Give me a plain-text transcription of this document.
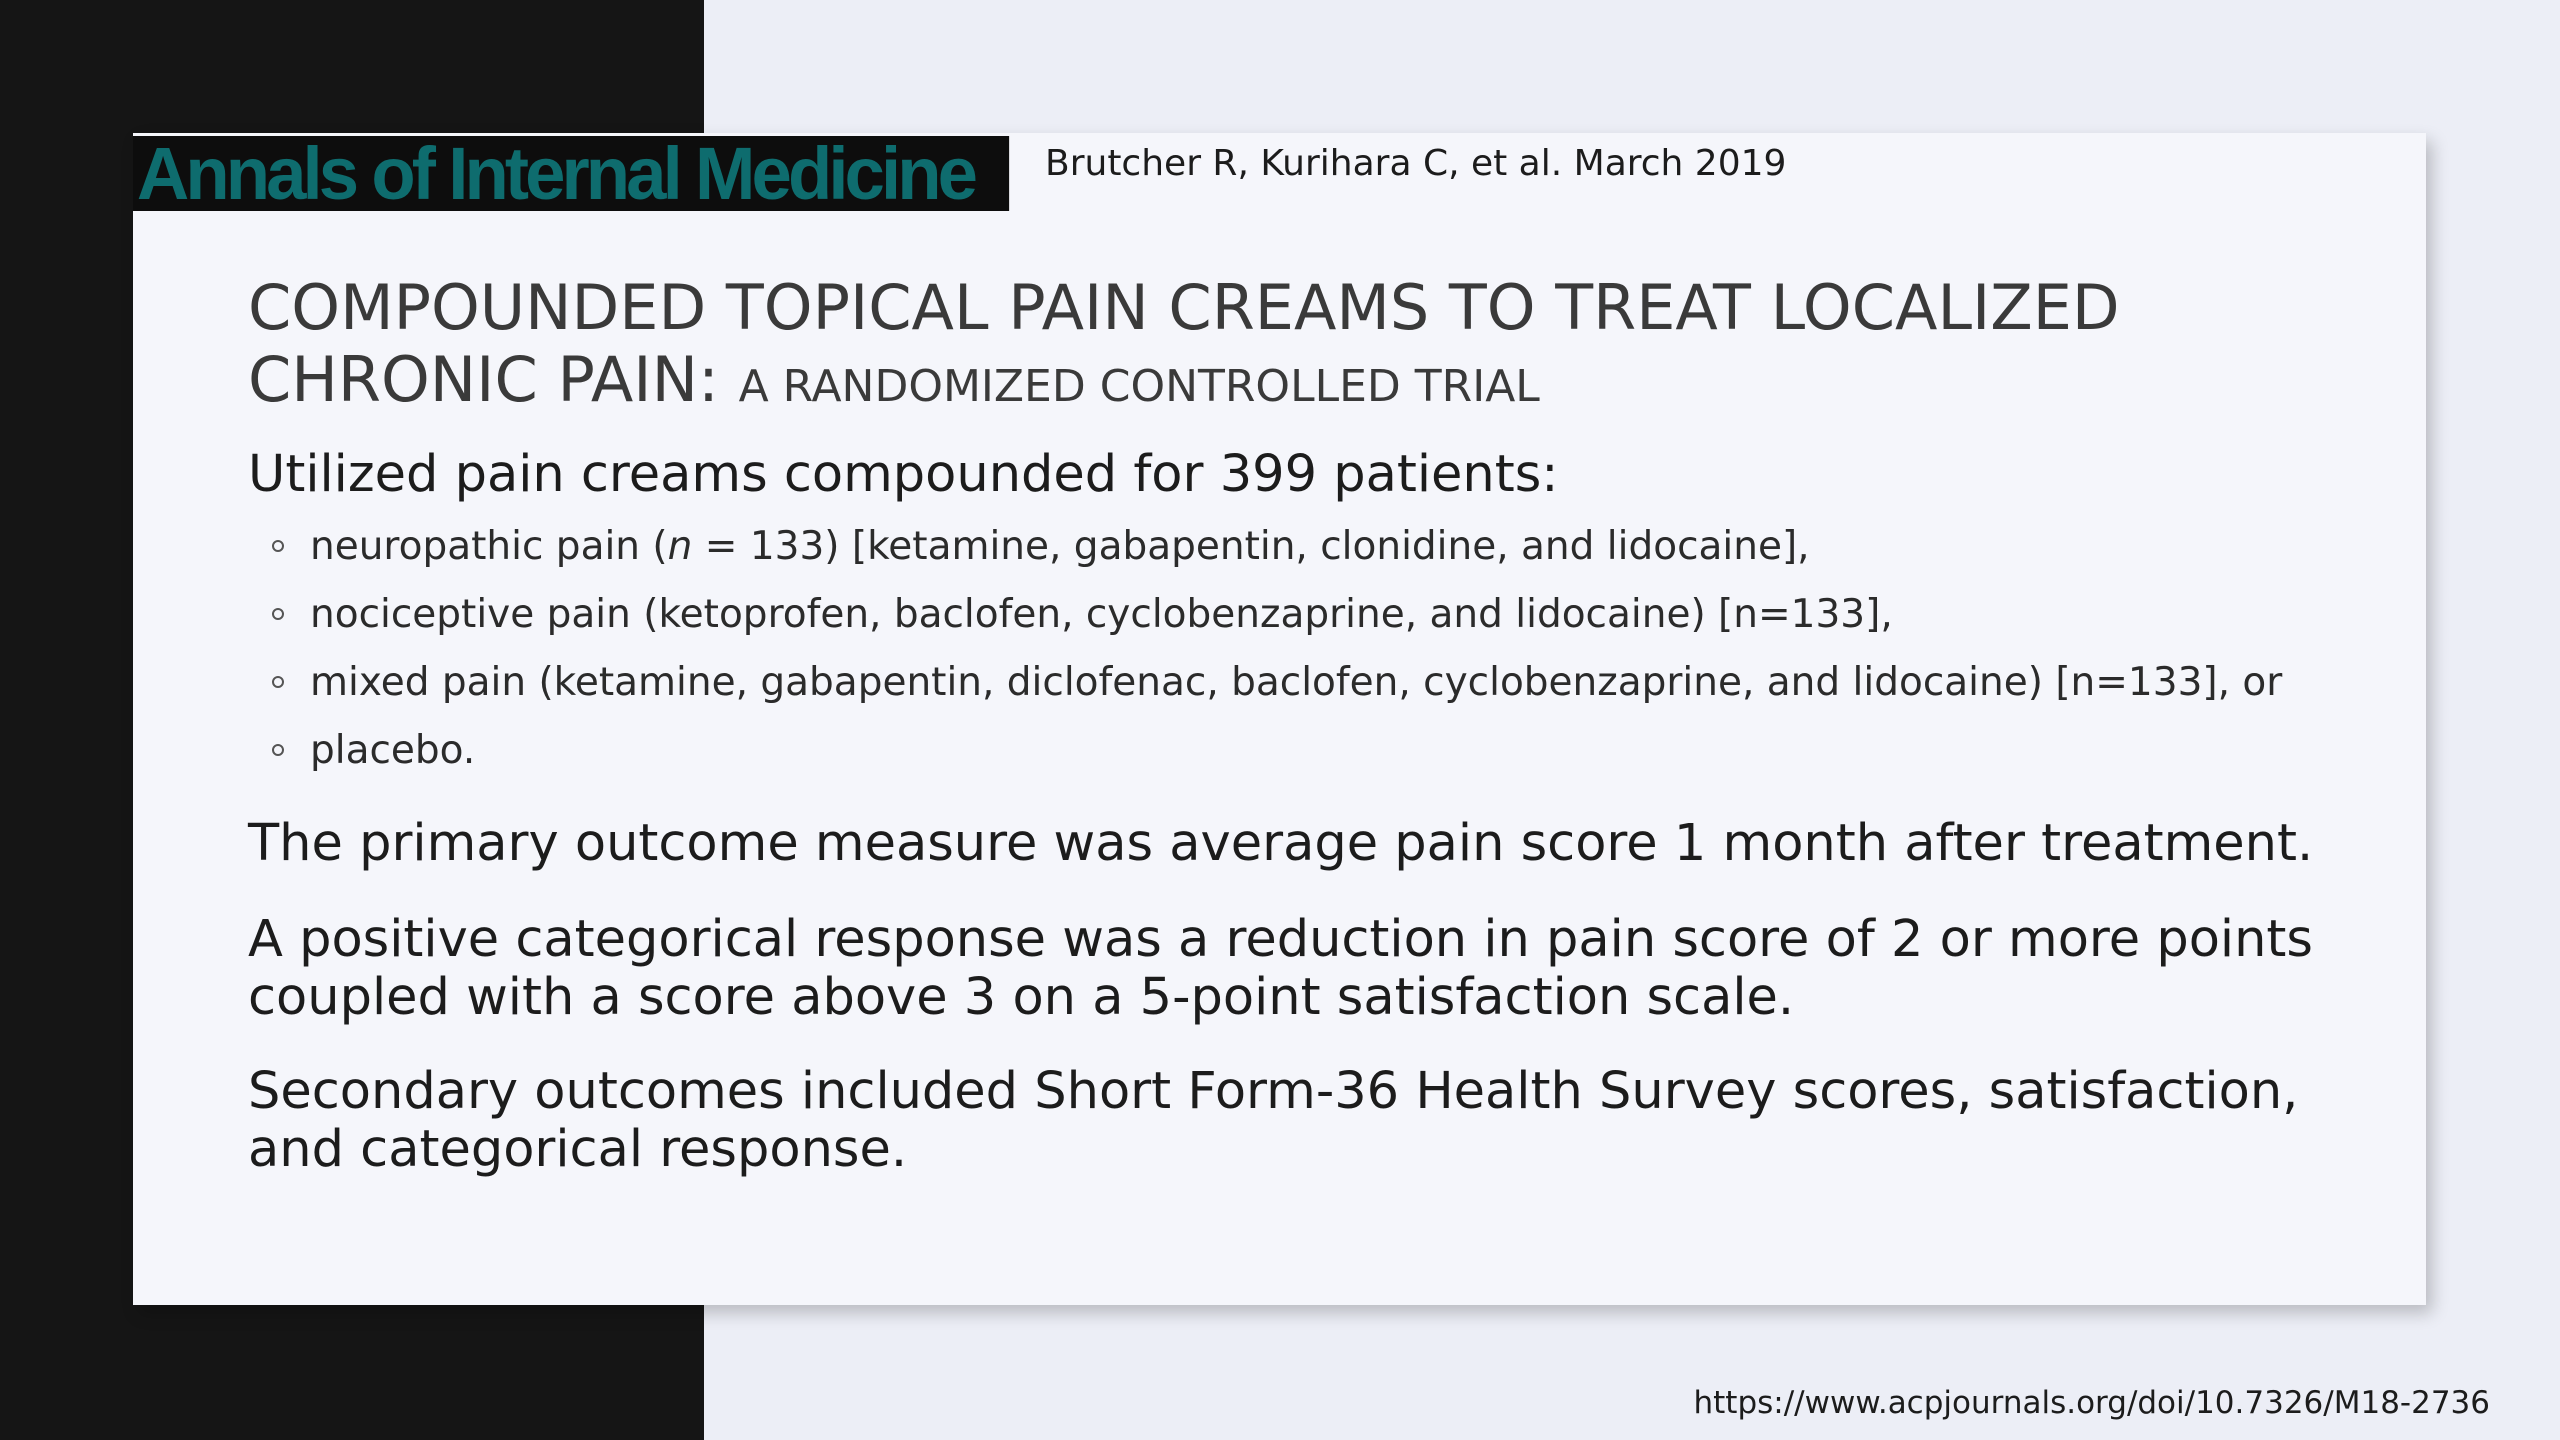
Annals of Internal Medicine	Brutcher R, Kurihara C, et al. March 2019
COMPOUNDED TOPICAL PAIN CREAMS TO TREAT LOCALIZED CHRONIC PAIN: A RANDOMIZED CONTROLLED TRIAL
Utilized pain creams compounded for 399 patients:
neuropathic pain (n = 133) [ketamine, gabapentin, clonidine, and lidocaine],
nociceptive pain (ketoprofen, baclofen, cyclobenzaprine, and lidocaine) [n=133],
mixed pain (ketamine, gabapentin, diclofenac, baclofen, cyclobenzaprine, and lidocaine) [n=133], or
placebo.

The primary outcome measure was average pain score 1 month after treatment.

A positive categorical response was a reduction in pain score of 2 or more points coupled with a score above 3 on a 5-point satisfaction scale.

Secondary outcomes included Short Form-36 Health Survey scores, satisfaction, and categorical response.

https://www.acpjournals.org/doi/10.7326/M18-2736
